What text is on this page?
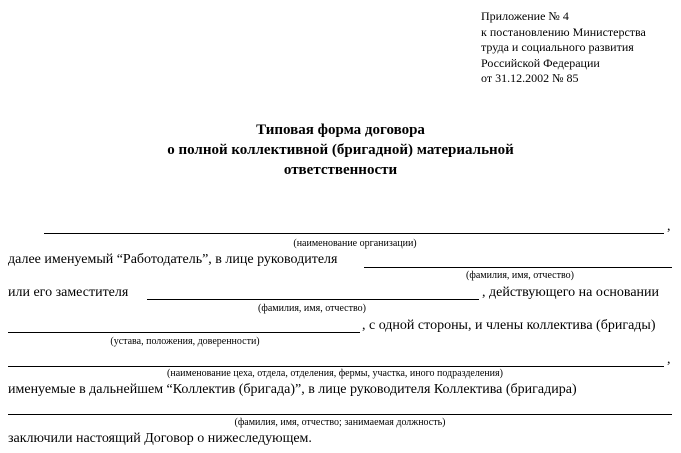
Приложение № 4
к постановлению Министерства
труда и социального развития
Российской Федерации
от 31.12.2002 № 85
Типовая форма договора
о полной коллективной (бригадной) материальной
ответственности
,
(наименование организации)
далее именуемый “Работодатель”, в лице руководителя
(фамилия, имя, отчество)
или его заместителя	, действующего на основании
(фамилия, имя, отчество)
, с одной стороны, и члены коллектива (бригады)
(устава, положения, доверенности)
,
(наименование цеха, отдела, отделения, фермы, участка, иного подразделения)
именуемые в дальнейшем “Коллектив (бригада)”, в лице руководителя Коллектива (бригадира)
(фамилия, имя, отчество; занимаемая должность)
заключили настоящий Договор о нижеследующем.
